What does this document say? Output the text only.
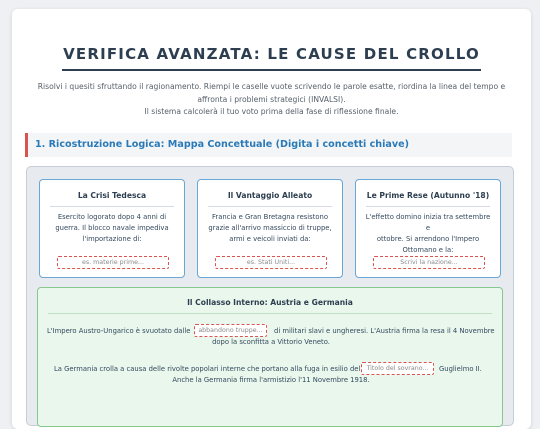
VERIFICA AVANZATA: LE CAUSE DEL CROLLO
Risolvi i quesiti sfruttando il ragionamento. Riempi le caselle vuote scrivendo le parole esatte, riordina la linea del tempo e
affronta i problemi strategici (INVALSI).
Il sistema calcolerà il tuo voto prima della fase di riflessione finale.
1. Ricostruzione Logica: Mappa Concettuale (Digita i concetti chiave)
La Crisi Tedesca
Esercito logorato dopo 4 anni di
guerra. Il blocco navale impediva
l'importazione di:
es. materie prime...
Il Vantaggio Alleato
Francia e Gran Bretagna resistono
grazie all'arrivo massiccio di truppe,
armi e veicoli inviati da:
es. Stati Uniti...
Le Prime Rese (Autunno '18)
L'effetto domino inizia tra settembre e
ottobre. Si arrendono l'Impero
Ottomano e la:
Scrivi la nazione...
Il Collasso Interno: Austria e Germania
L'Impero Austro-Ungarico è svuotato dalle
abbandono truppe...	di militari slavi e ungheresi. L'Austria firma la resa il 4 Novembre
dopo la sconfitta a Vittorio Veneto.
La Germania crolla a causa delle rivolte popolari interne che portano alla fuga in esilio del
Titolo del sovrano...	Guglielmo II.
Anche la Germania firma l'armistizio l'11 Novembre 1918.
